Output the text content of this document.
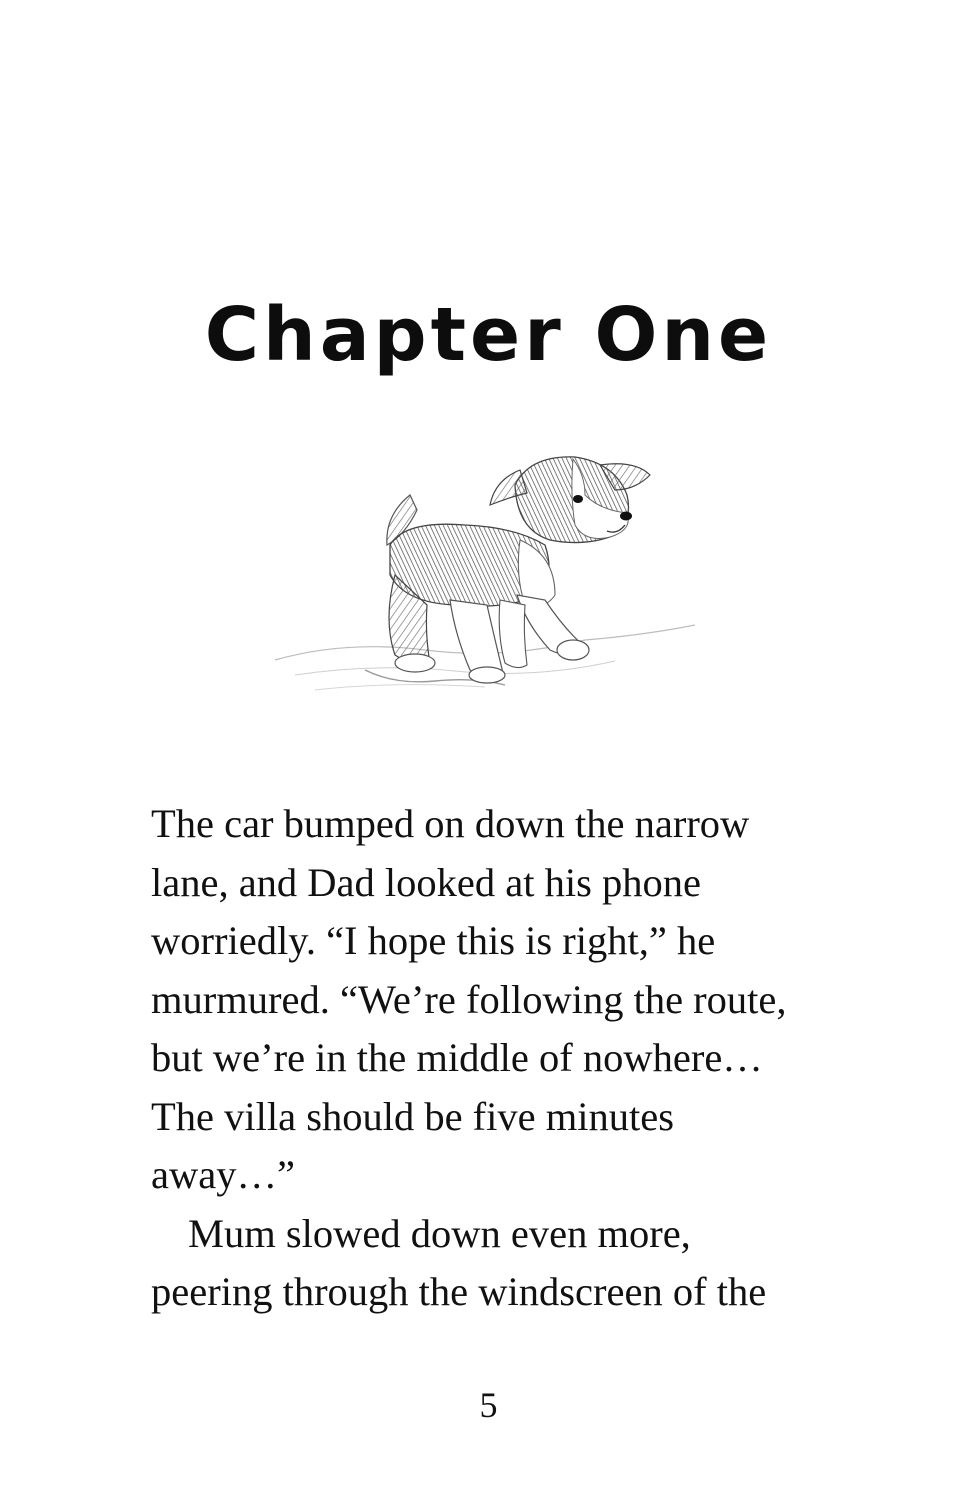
Chapter One
The car bumped on down the narrow
lane, and Dad looked at his phone
worriedly. “I hope this is right,” he
murmured. “We’re following the route,
but we’re in the middle of nowhere…
The villa should be five minutes
away…”
Mum slowed down even more,
peering through the windscreen of the
5
